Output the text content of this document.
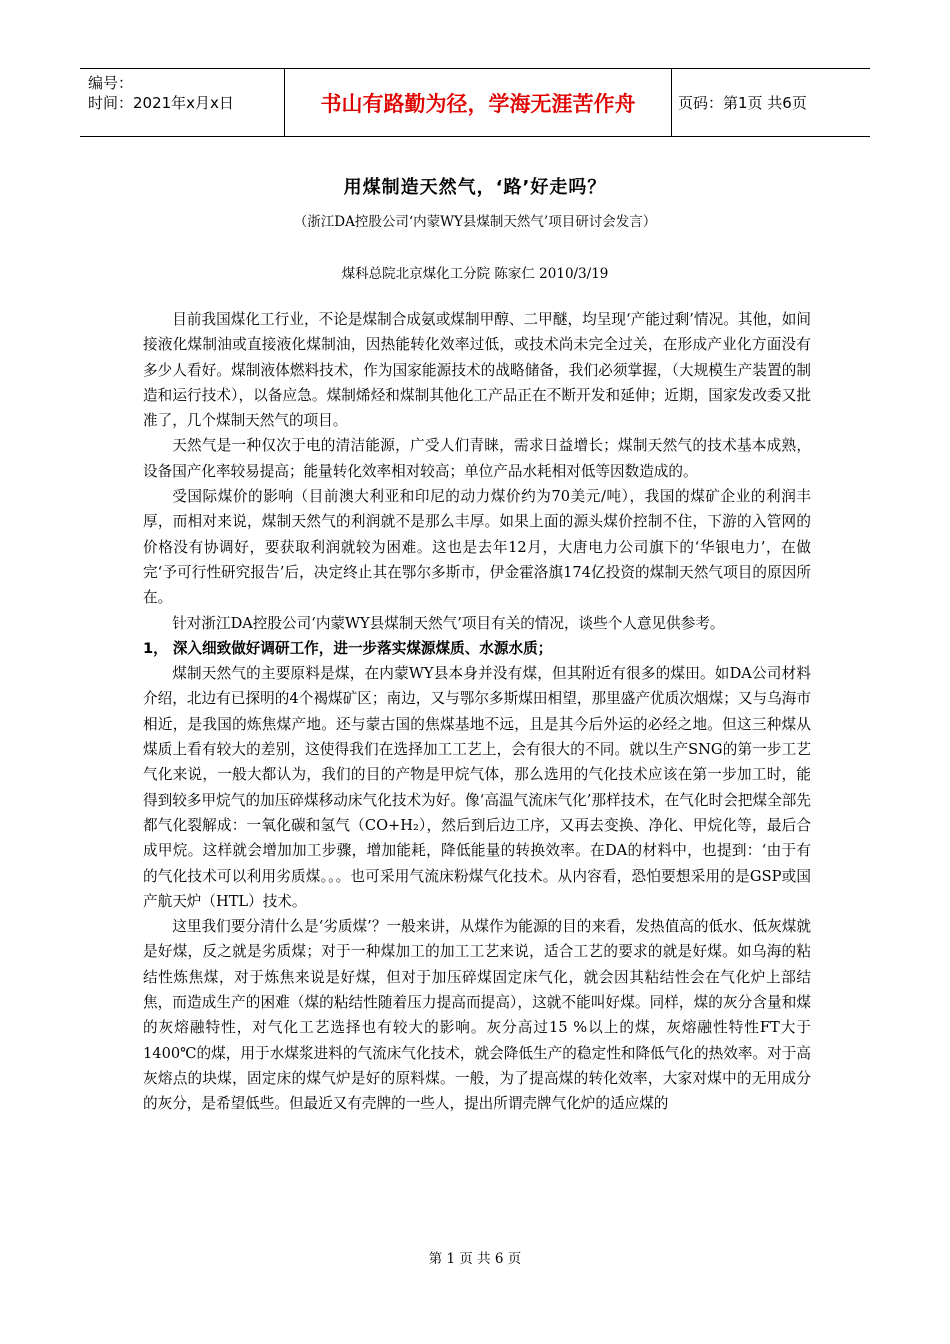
编号：
时间：2021年x月x日	书山有路勤为径，学海无涯苦作舟	页码：第1页 共6页
用煤制造天然气，‘路’好走吗？
（浙江DA控股公司‘内蒙WY县煤制天然气’项目研讨会发言）
煤科总院北京煤化工分院 陈家仁 2010/3/19

目前我国煤化工行业，不论是煤制合成氨或煤制甲醇、二甲醚，均呈现‘产能过剩’情况。其他，如间接液化煤制油或直接液化煤制油，因热能转化效率过低，或技术尚未完全过关，在形成产业化方面没有多少人看好。煤制液体燃料技术，作为国家能源技术的战略储备，我们必须掌握，（大规模生产装置的制造和运行技术），以备应急。煤制烯烃和煤制其他化工产品正在不断开发和延伸；近期，国家发改委又批准了，几个煤制天然气的项目。

天然气是一种仅次于电的清洁能源，广受人们青睐，需求日益增长；煤制天然气的技术基本成熟，设备国产化率较易提高；能量转化效率相对较高；单位产品水耗相对低等因数造成的。

受国际煤价的影响（目前澳大利亚和印尼的动力煤价约为70美元/吨），我国的煤矿企业的利润丰厚，而相对来说，煤制天然气的利润就不是那么丰厚。如果上面的源头煤价控制不住，下游的入管网的价格没有协调好，要获取利润就较为困难。这也是去年12月，大唐电力公司旗下的‘华银电力’，在做完‘予可行性研究报告’后，决定终止其在鄂尔多斯市，伊金霍洛旗174亿投资的煤制天然气项目的原因所在。

针对浙江DA控股公司‘内蒙WY县煤制天然气’项目有关的情况，谈些个人意见供参考。

1， 深入细致做好调研工作，进一步落实煤源煤质、水源水质；

煤制天然气的主要原料是煤，在内蒙WY县本身并没有煤，但其附近有很多的煤田。如DA公司材料介绍，北边有已探明的4个褐煤矿区；南边，又与鄂尔多斯煤田相望，那里盛产优质次烟煤；又与乌海市相近，是我国的炼焦煤产地。还与蒙古国的焦煤基地不远，且是其今后外运的必经之地。但这三种煤从煤质上看有较大的差别，这使得我们在选择加工工艺上，会有很大的不同。就以生产SNG的第一步工艺气化来说，一般大都认为，我们的目的产物是甲烷气体，那么选用的气化技术应该在第一步加工时，能得到较多甲烷气的加压碎煤移动床气化技术为好。像‘高温气流床气化’那样技术，在气化时会把煤全部先都气化裂解成：一氧化碳和氢气（CO+H₂），然后到后边工序，又再去变换、净化、甲烷化等，最后合成甲烷。这样就会增加加工步骤，增加能耗，降低能量的转换效率。在DA的材料中，也提到：‘由于有的气化技术可以利用劣质煤。。。也可采用气流床粉煤气化技术。从内容看，恐怕要想采用的是GSP或国产航天炉（HTL）技术。

这里我们要分清什么是‘劣质煤’？一般来讲，从煤作为能源的目的来看，发热值高的低水、低灰煤就是好煤，反之就是劣质煤；对于一种煤加工的加工工艺来说，适合工艺的要求的就是好煤。如乌海的粘结性炼焦煤，对于炼焦来说是好煤，但对于加压碎煤固定床气化，就会因其粘结性会在气化炉上部结焦，而造成生产的困难（煤的粘结性随着压力提高而提高），这就不能叫好煤。同样，煤的灰分含量和煤的灰熔融特性，对气化工艺选择也有较大的影响。灰分高过15 %以上的煤，灰熔融性特性FT大于1400℃的煤，用于水煤浆进料的气流床气化技术，就会降低生产的稳定性和降低气化的热效率。对于高灰熔点的块煤，固定床的煤气炉是好的原料煤。一般，为了提高煤的转化效率，大家对煤中的无用成分的灰分，是希望低些。但最近又有壳牌的一些人，提出所谓壳牌气化炉的适应煤的

第 1 页 共 6 页
